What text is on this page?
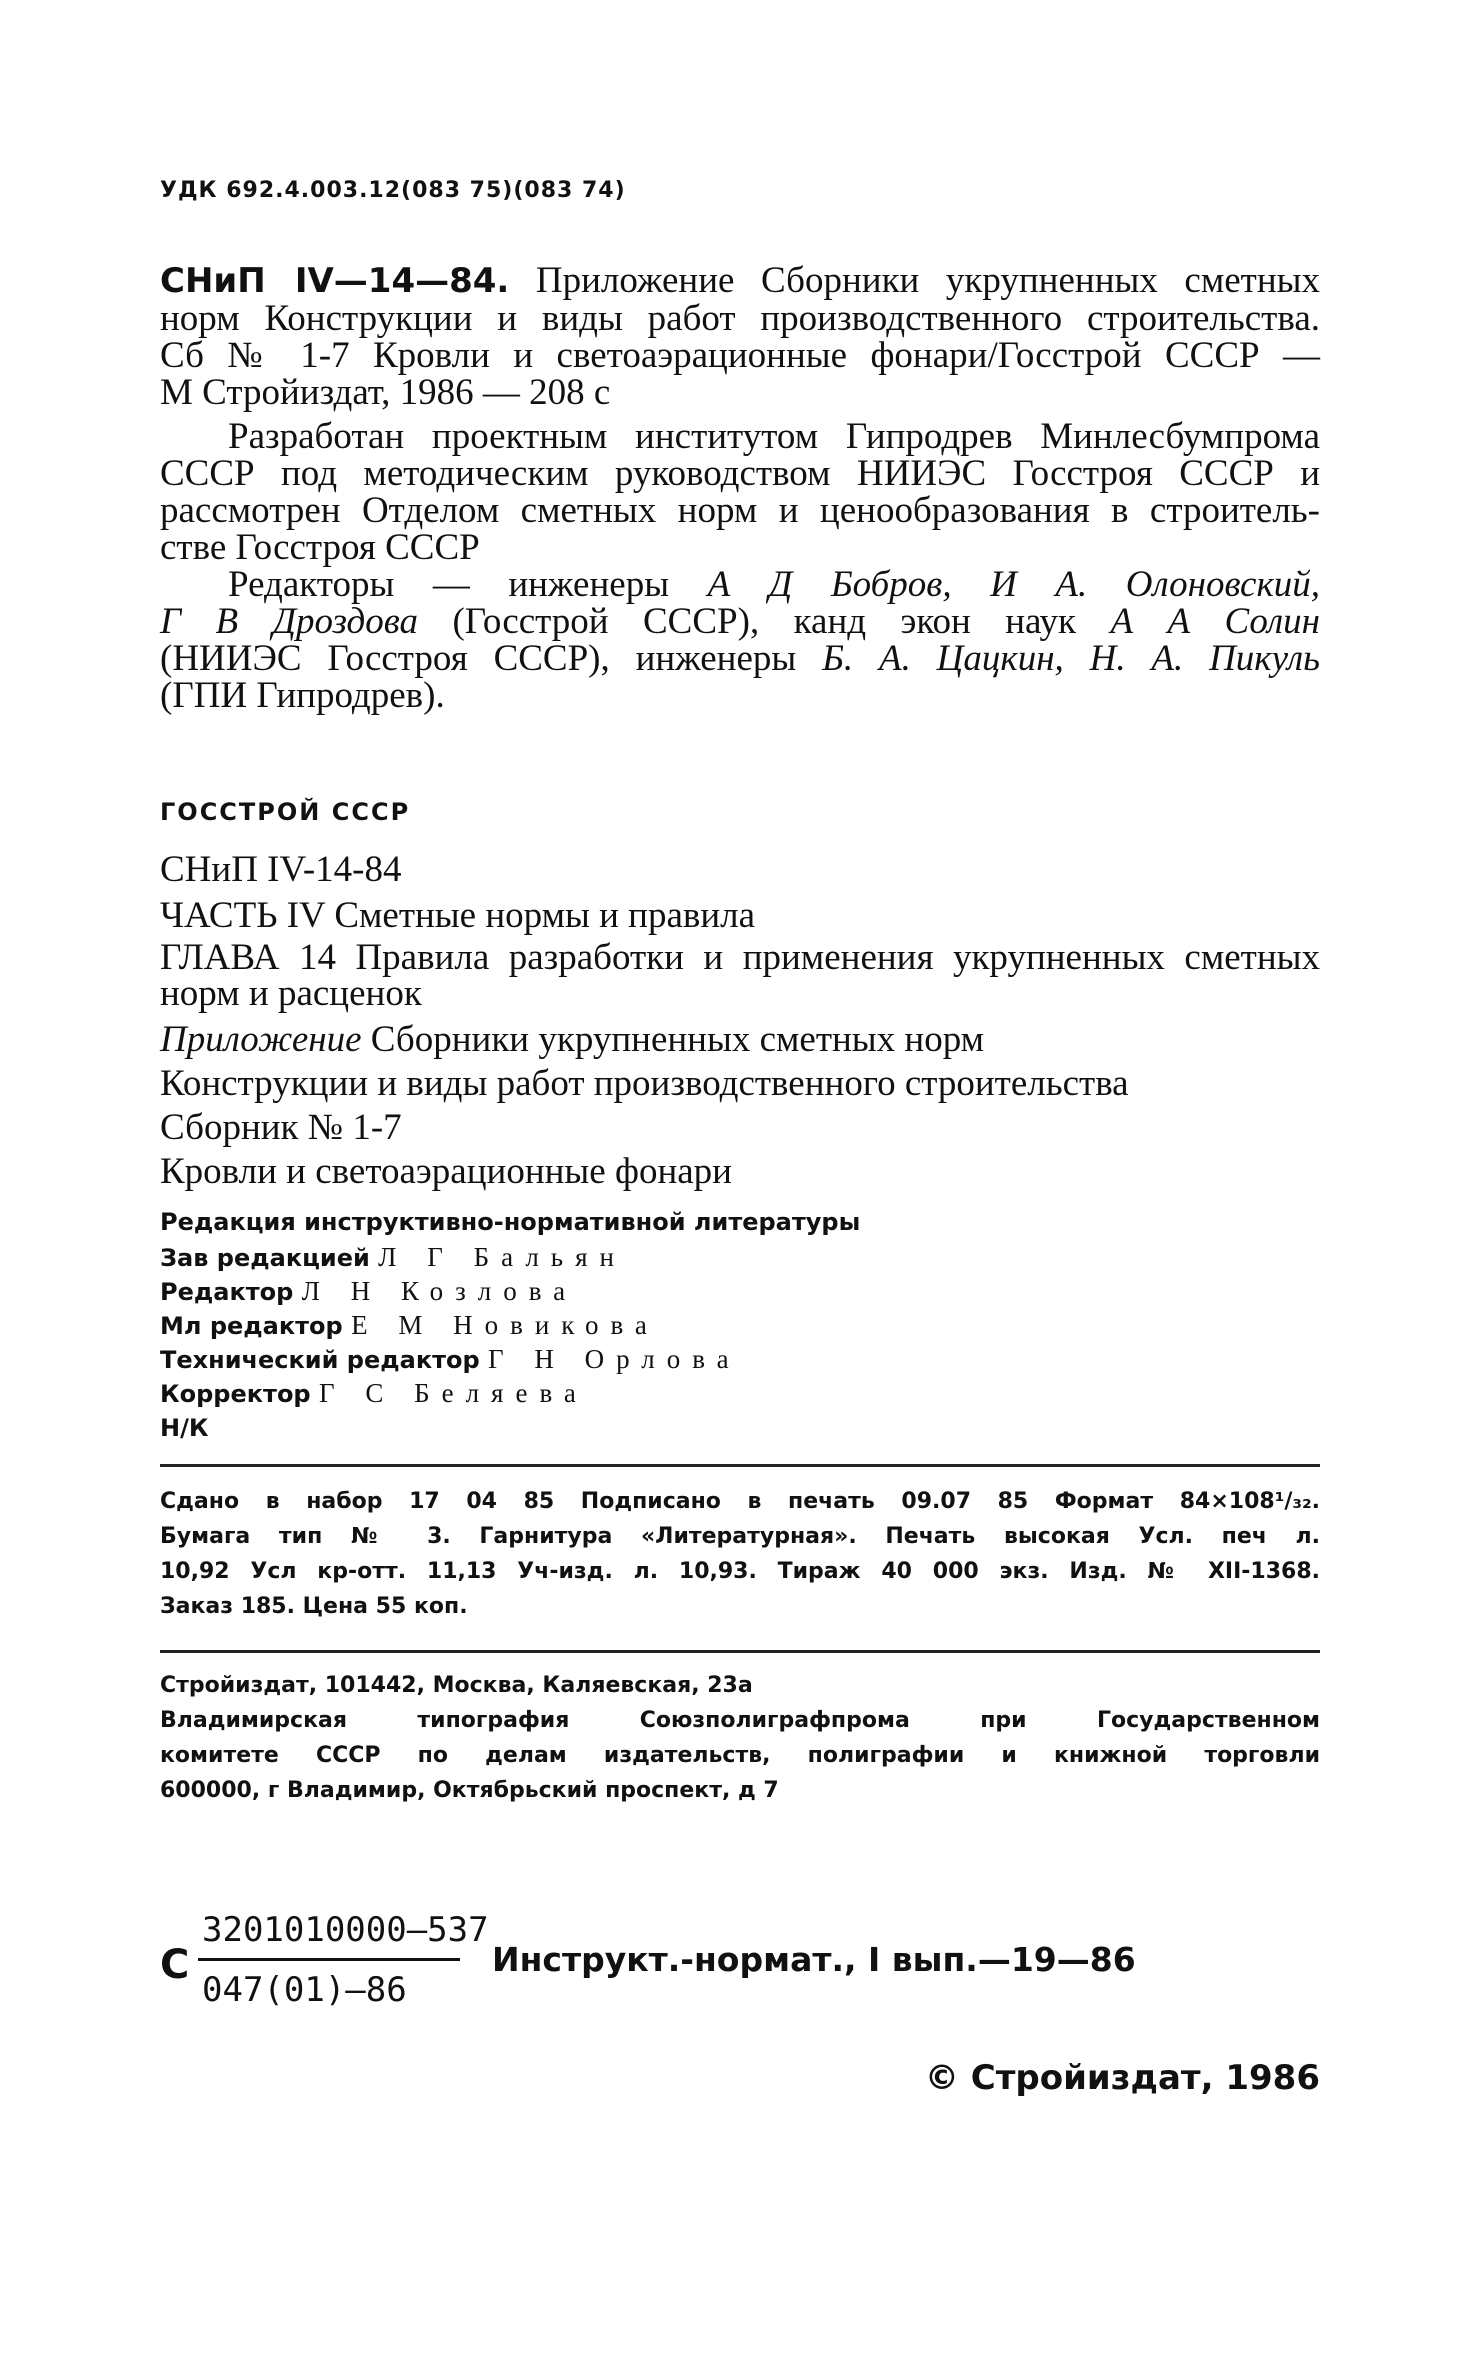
УДК 692.4.003.12(083 75)(083 74)
СНиП IV—14—84. Приложение Сборники укрупненных сметных
норм Конструкции и виды работ производственного строительства.
Сб № 1-7 Кровли и светоаэрационные фонари/Госстрой СССР —
М Стройиздат, 1986 — 208 с
Разработан проектным институтом Гипродрев Минлесбумпрома
СССР под методическим руководством НИИЭС Госстроя СССР и
рассмотрен Отделом сметных норм и ценообразования в строитель-
стве Госстроя СССР
Редакторы — инженеры А Д Бобров, И А. Олоновский,
Г В Дроздова (Госстрой СССР), канд экон наук А А Солин
(НИИЭС Госстроя СССР), инженеры Б. А. Цацкин, Н. А. Пикуль
(ГПИ Гипродрев).
ГОССТРОЙ СССР
СНиП IV-14-84
ЧАСТЬ IV Сметные нормы и правила
ГЛАВА 14 Правила разработки и применения укрупненных сметных
норм и расценок
Приложение Сборники укрупненных сметных норм
Конструкции и виды работ производственного строительства
Сборник № 1-7
Кровли и светоаэрационные фонари
Редакция инструктивно-нормативной литературы
Зав редакцией Л Г Бальян
Редактор Л Н Козлова
Мл редактор Е М Новикова
Технический редактор Г Н Орлова
Корректор Г С Беляева
Н/К
Сдано в набор 17 04 85 Подписано в печать 09.07 85 Формат 84×108¹/₃₂.
Бумага тип № 3. Гарнитура «Литературная». Печать высокая Усл. печ л.
10,92 Усл кр-отт. 11,13 Уч-изд. л. 10,93. Тираж 40 000 экз. Изд. № XII-1368.
Заказ 185. Цена 55 коп.
Стройиздат, 101442, Москва, Каляевская, 23а
Владимирская типография Союзполиграфпрома при Государственном
комитете СССР по делам издательств, полиграфии и книжной торговли
600000, г Владимир, Октябрьский проспект, д 7
С
3201010000—537
047(01)—86
Инструкт.-нормат., I вып.—19—86
© Стройиздат, 1986
